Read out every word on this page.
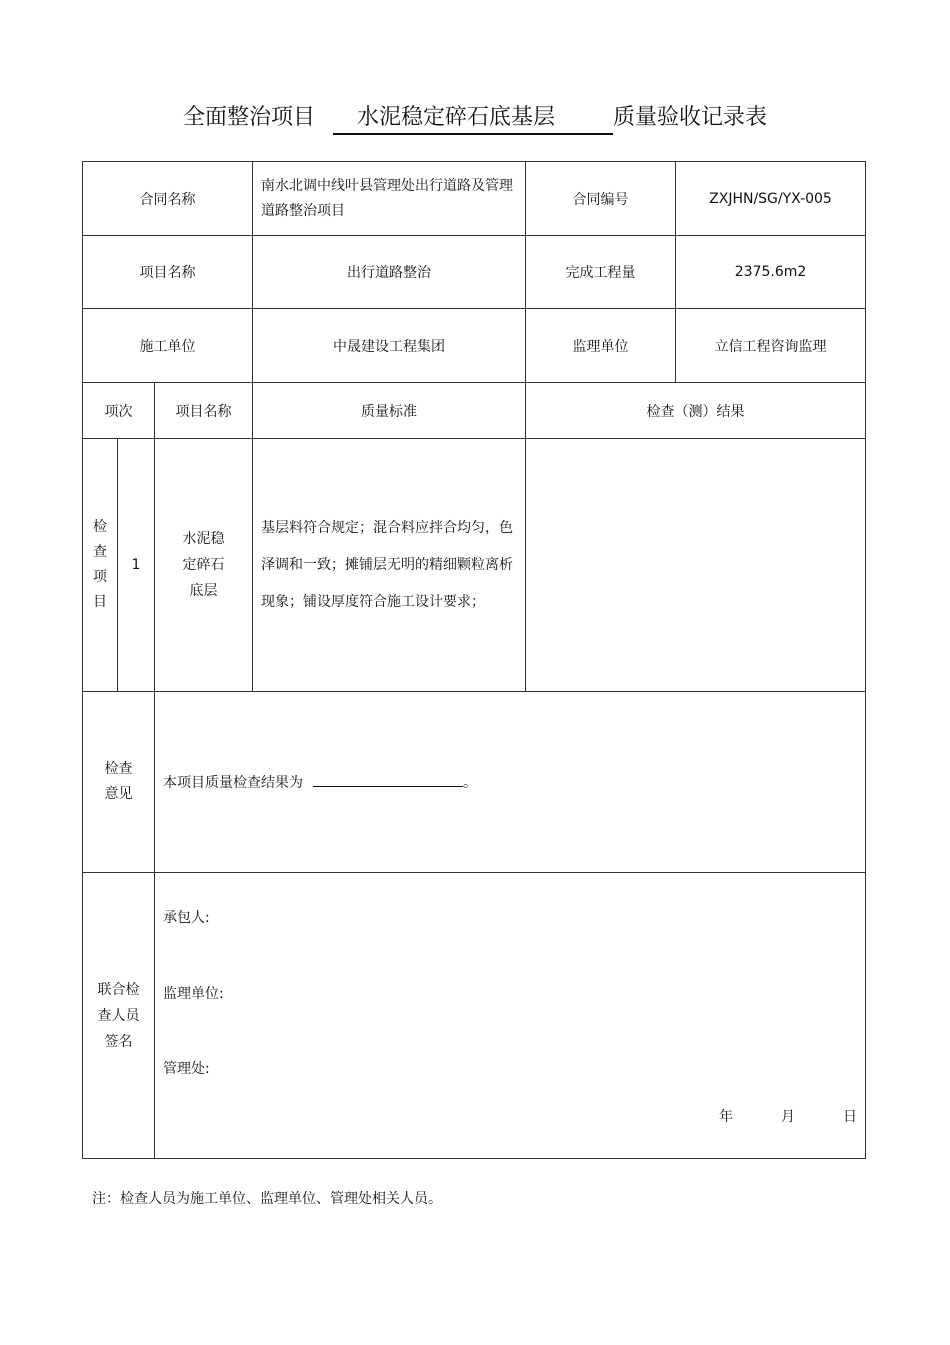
全面整治项目 水泥稳定碎石底基层	质量验收记录表
合同名称			南水北调中线叶县管理处出行道路及管理道路整治项目	合同编号	ZXJHN/SG/YX-005
项目名称			出行道路整治	完成工程量	2375.6m2
施工单位			中晟建设工程集团	监理单位	立信工程咨询监理
项次		项目名称	质量标准	检查（测）结果	
检查项目	1	水泥稳定碎石底层	基层料符合规定；混合料应拌合均匀，色泽调和一致；摊铺层无明的精细颗粒离析现象；铺设厚度符合施工设计要求；		

检查意见		本项目质量检查结果为 。			
联合检查人员签名		承包人:
监理单位:
管理处:
年 月 日			
注：检查人员为施工单位、监理单位、管理处相关人员。
